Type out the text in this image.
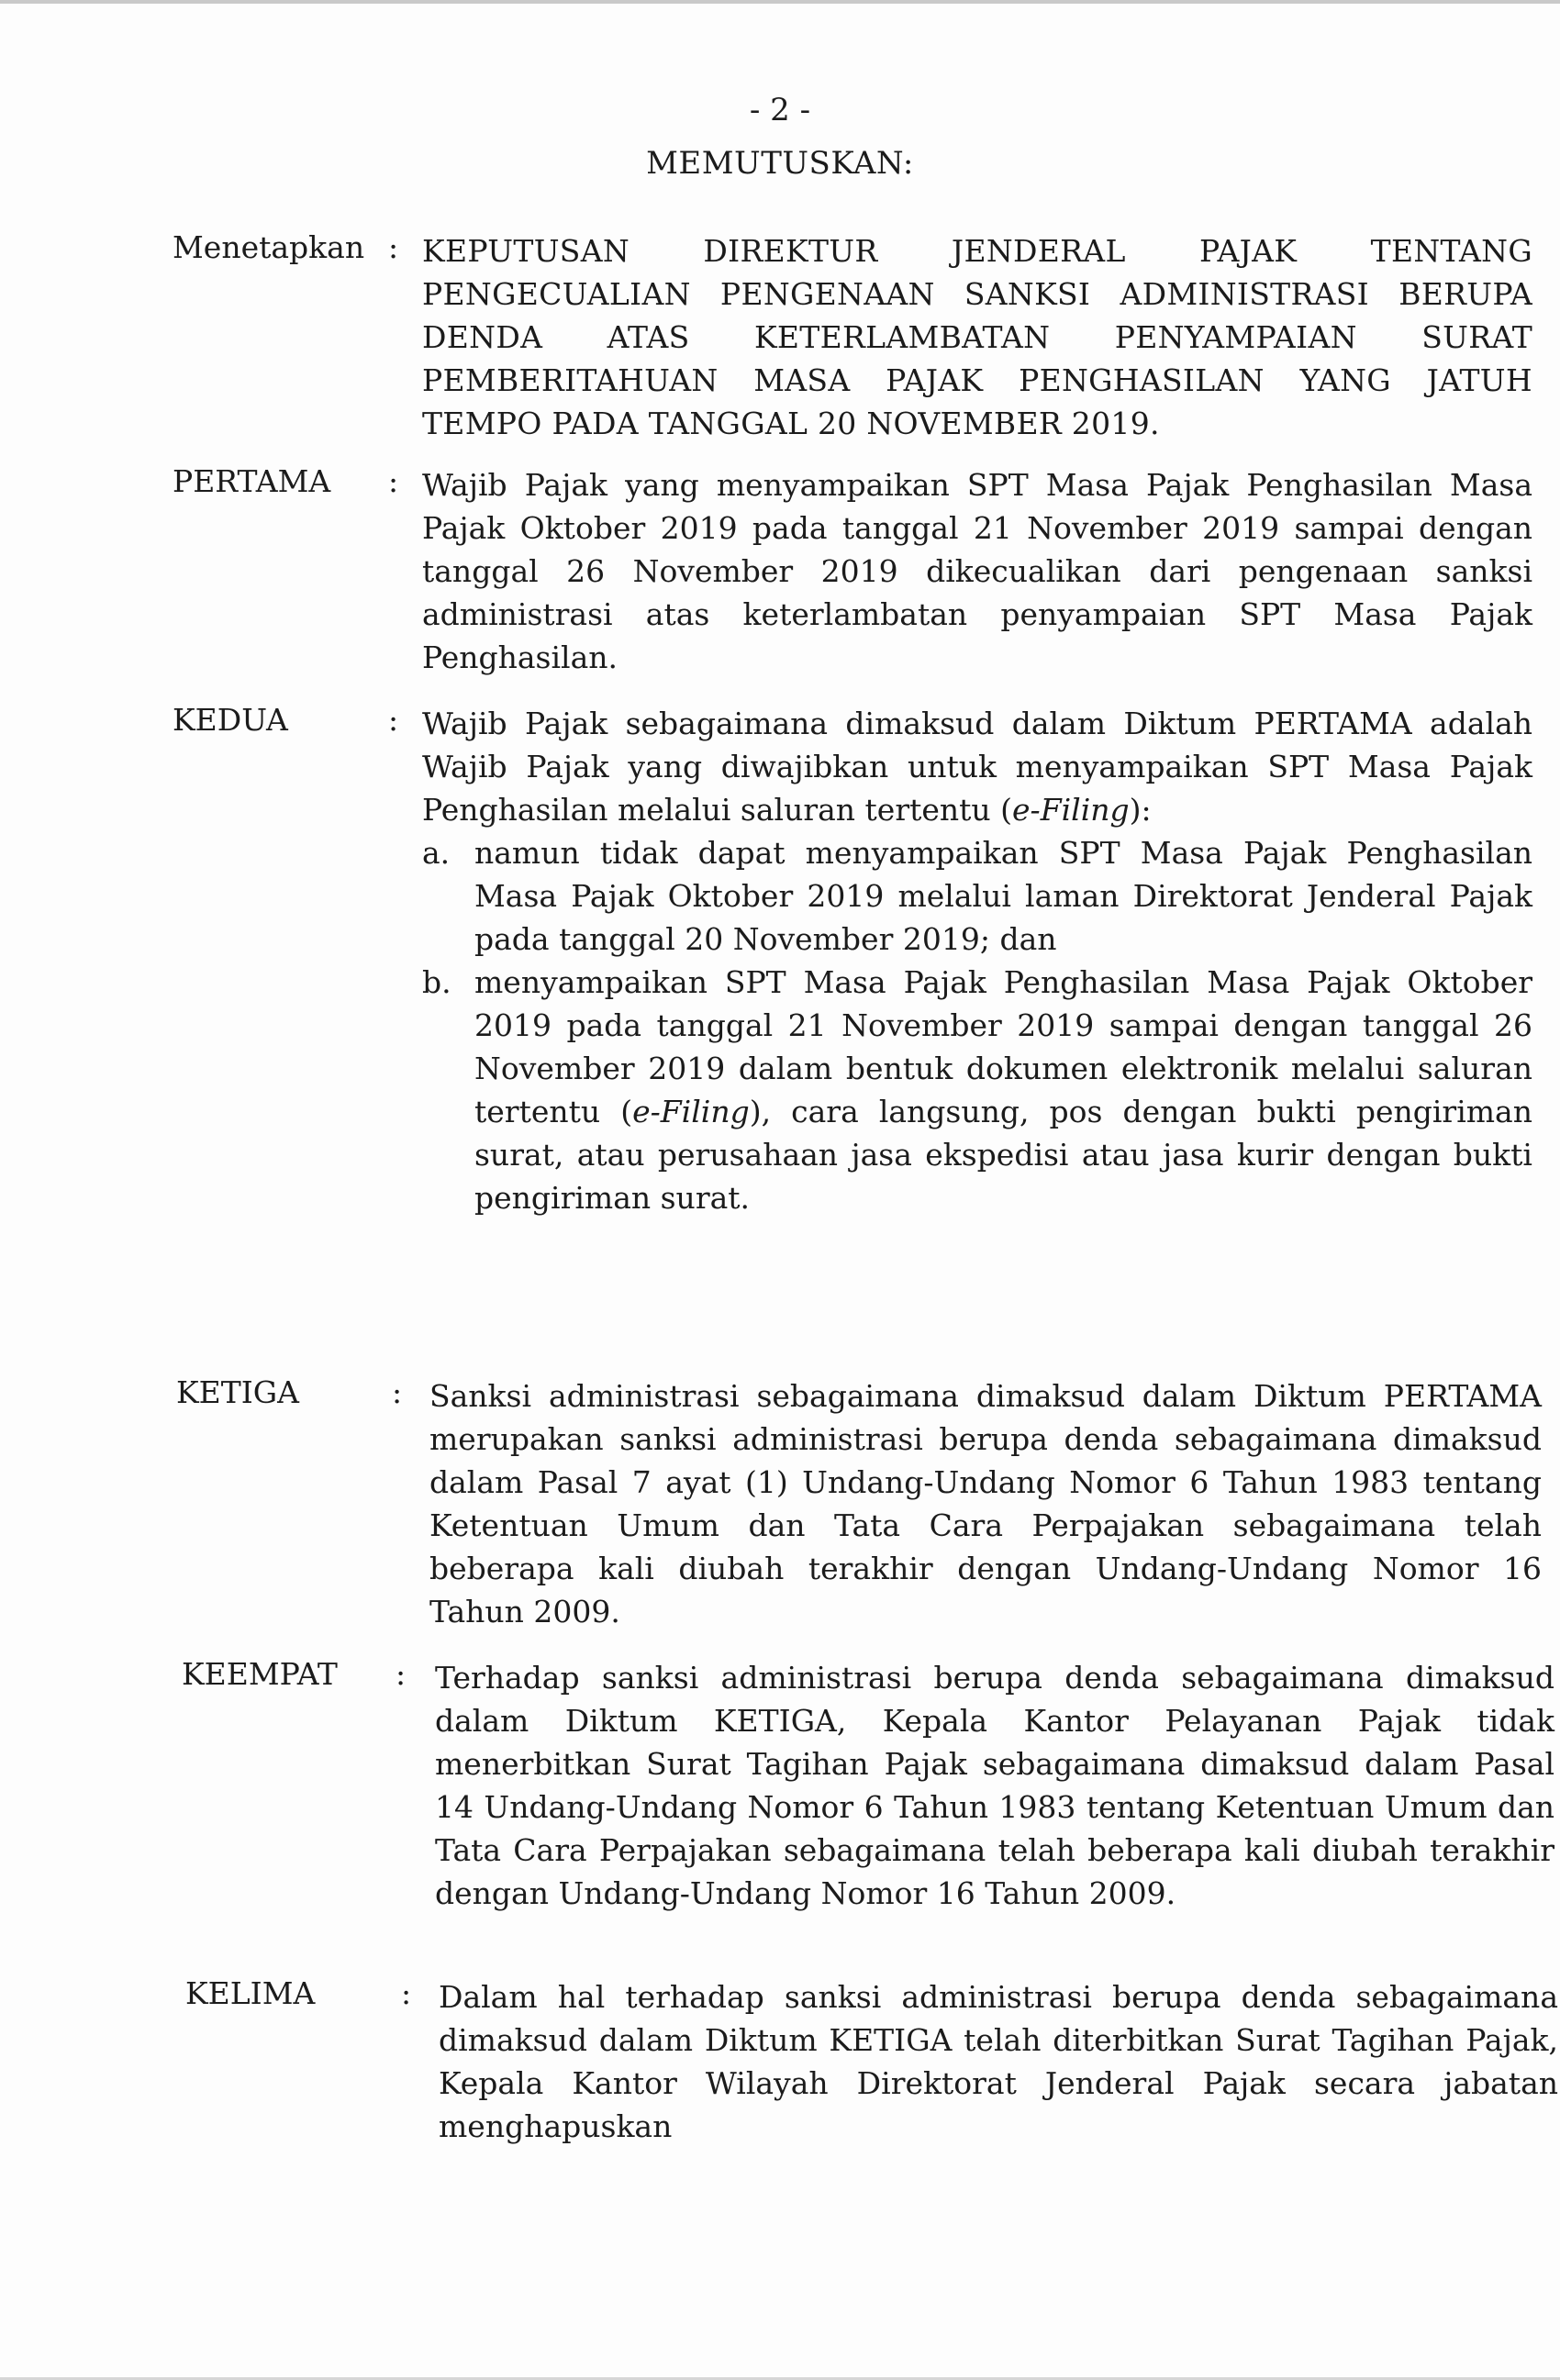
- 2 -
MEMUTUSKAN:
Menetapkan : KEPUTUSAN DIREKTUR JENDERAL PAJAK TENTANG PENGECUALIAN PENGENAAN SANKSI ADMINISTRASI BERUPA DENDA ATAS KETERLAMBATAN PENYAMPAIAN SURAT PEMBERITAHUAN MASA PAJAK PENGHASILAN YANG JATUH TEMPO PADA TANGGAL 20 NOVEMBER 2019.

PERTAMA : Wajib Pajak yang menyampaikan SPT Masa Pajak Penghasilan Masa Pajak Oktober 2019 pada tanggal 21 November 2019 sampai dengan tanggal 26 November 2019 dikecualikan dari pengenaan sanksi administrasi atas keterlambatan penyampaian SPT Masa Pajak Penghasilan.

KEDUA	: Wajib Pajak sebagaimana dimaksud dalam Diktum PERTAMA adalah Wajib Pajak yang diwajibkan untuk menyampaikan SPT Masa Pajak Penghasilan melalui saluran tertentu (e-Filing):

a. namun tidak dapat menyampaikan SPT Masa Pajak Penghasilan Masa Pajak Oktober 2019 melalui laman Direktorat Jenderal Pajak pada tanggal 20 November 2019; dan

b. menyampaikan SPT Masa Pajak Penghasilan Masa Pajak Oktober 2019 pada tanggal 21 November 2019 sampai dengan tanggal 26 November 2019 dalam bentuk dokumen elektronik melalui saluran tertentu (e-Filing), cara langsung, pos dengan bukti pengiriman surat, atau perusahaan jasa ekspedisi atau jasa kurir dengan bukti pengiriman surat.

KETIGA	: Sanksi administrasi sebagaimana dimaksud dalam Diktum PERTAMA merupakan sanksi administrasi berupa denda sebagaimana dimaksud dalam Pasal 7 ayat (1) Undang-Undang Nomor 6 Tahun 1983 tentang Ketentuan Umum dan Tata Cara Perpajakan sebagaimana telah beberapa kali diubah terakhir dengan Undang-Undang Nomor 16 Tahun 2009.

KEEMPAT : Terhadap sanksi administrasi berupa denda sebagaimana dimaksud dalam Diktum KETIGA, Kepala Kantor Pelayanan Pajak tidak menerbitkan Surat Tagihan Pajak sebagaimana dimaksud dalam Pasal 14 Undang-Undang Nomor 6 Tahun 1983 tentang Ketentuan Umum dan Tata Cara Perpajakan sebagaimana telah beberapa kali diubah terakhir dengan Undang-Undang Nomor 16 Tahun 2009.

KELIMA	: Dalam hal terhadap sanksi administrasi berupa denda sebagaimana dimaksud dalam Diktum KETIGA telah diterbitkan Surat Tagihan Pajak, Kepala Kantor Wilayah Direktorat Jenderal Pajak secara jabatan menghapuskan
